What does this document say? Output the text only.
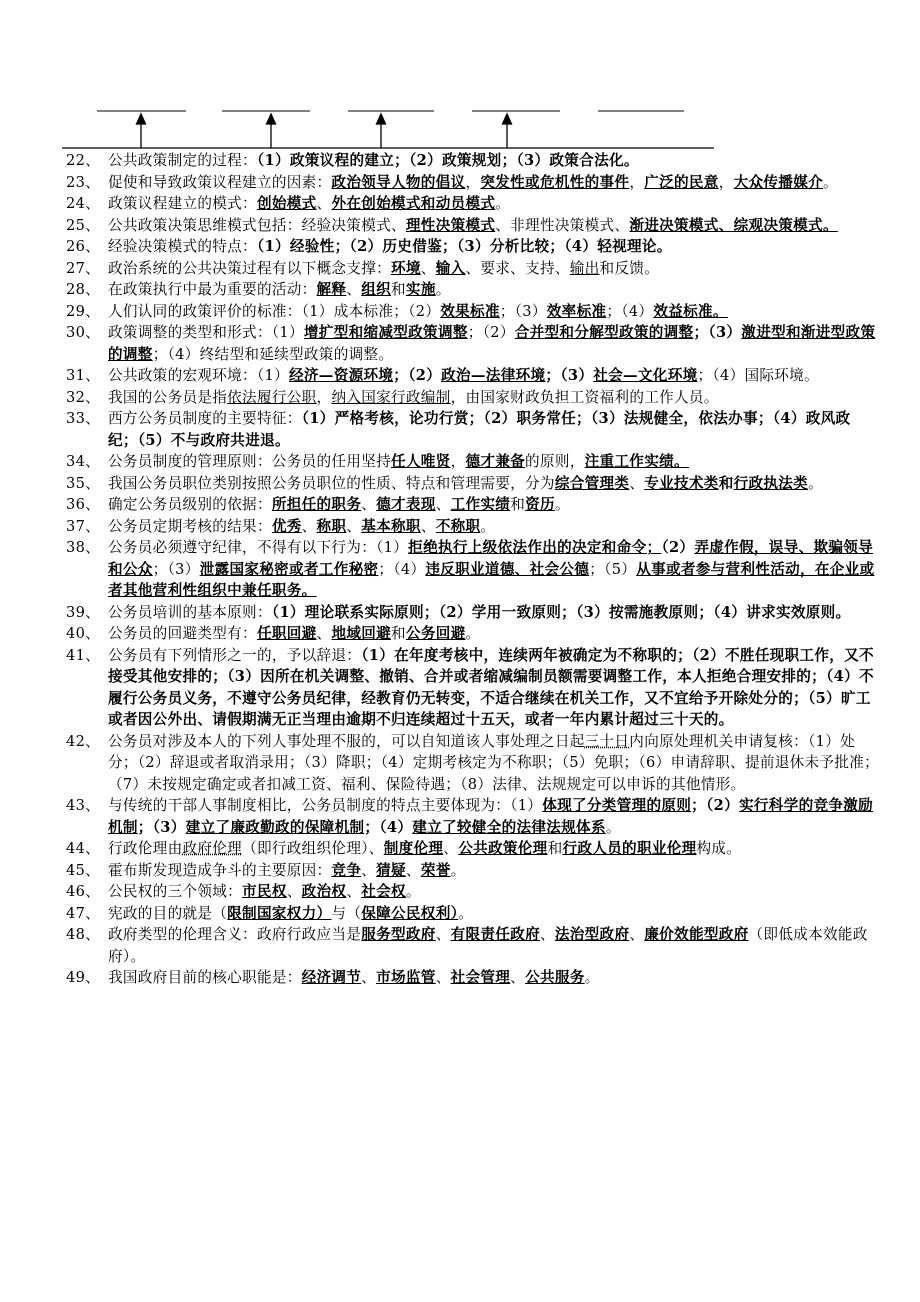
22、 公共政策制定的过程：（1）政策议程的建立；（2）政策规划；（3）政策合法化。
23、 促使和导致政策议程建立的因素：政治领导人物的倡议，突发性或危机性的事件，广泛的民意，大众传播媒介。
24、 政策议程建立的模式：创始模式、外在创始模式和动员模式。
25、 公共政策决策思维模式包括：经验决策模式、理性决策模式、非理性决策模式、渐进决策模式、综观决策模式。
26、 经验决策模式的特点：（1）经验性；（2）历史借鉴；（3）分析比较；（4）轻视理论。
27、 政治系统的公共决策过程有以下概念支撑：环境、输入、要求、支持、输出和反馈。
28、 在政策执行中最为重要的活动：解释、组织和实施。
29、 人们认同的政策评价的标准：（1）成本标准；（2）效果标准；（3）效率标准；（4）效益标准。
30、 政策调整的类型和形式：（1）增扩型和缩减型政策调整；（2）合并型和分解型政策的调整；（3）激进型和渐进型政策的调整；（4）终结型和延续型政策的调整。
31、 公共政策的宏观环境：（1）经济—资源环境；（2）政治—法律环境；（3）社会—文化环境；（4）国际环境。
32、 我国的公务员是指依法履行公职，纳入国家行政编制，由国家财政负担工资福利的工作人员。
33、 西方公务员制度的主要特征：（1）严格考核，论功行赏；（2）职务常任；（3）法规健全，依法办事；（4）政风政纪；（5）不与政府共进退。
34、 公务员制度的管理原则：公务员的任用坚持任人唯贤，德才兼备的原则，注重工作实绩。
35、 我国公务员职位类别按照公务员职位的性质、特点和管理需要，分为综合管理类、专业技术类和行政执法类。
36、 确定公务员级别的依据：所担任的职务、德才表现、工作实绩和资历。
37、 公务员定期考核的结果：优秀、称职、基本称职、不称职。
38、 公务员必须遵守纪律，不得有以下行为：（1）拒绝执行上级依法作出的决定和命令；（2）弄虚作假，误导、欺骗领导和公众；（3）泄露国家秘密或者工作秘密；（4）违反职业道德、社会公德；（5）从事或者参与营利性活动，在企业或者其他营利性组织中兼任职务。
39、 公务员培训的基本原则：（1）理论联系实际原则；（2）学用一致原则；（3）按需施教原则；（4）讲求实效原则。
40、 公务员的回避类型有：任职回避、地域回避和公务回避。
41、 公务员有下列情形之一的，予以辞退：（1）在年度考核中，连续两年被确定为不称职的；（2）不胜任现职工作，又不接受其他安排的；（3）因所在机关调整、撤销、合并或者缩减编制员额需要调整工作，本人拒绝合理安排的；（4）不履行公务员义务，不遵守公务员纪律，经教育仍无转变，不适合继续在机关工作，又不宜给予开除处分的；（5）旷工或者因公外出、请假期满无正当理由逾期不归连续超过十五天，或者一年内累计超过三十天的。
42、 公务员对涉及本人的下列人事处理不服的，可以自知道该人事处理之日起三十日内向原处理机关申请复核：（1）处分；（2）辞退或者取消录用；（3）降职；（4）定期考核定为不称职；（5）免职；（6）申请辞职、提前退休未予批准；（7）未按规定确定或者扣减工资、福利、保险待遇；（8）法律、法规规定可以申诉的其他情形。
43、 与传统的干部人事制度相比，公务员制度的特点主要体现为：（1）体现了分类管理的原则；（2）实行科学的竞争激励机制；（3）建立了廉政勤政的保障机制；（4）建立了较健全的法律法规体系。
44、 行政伦理由政府伦理（即行政组织伦理）、制度伦理、公共政策伦理和行政人员的职业伦理构成。
45、 霍布斯发现造成争斗的主要原因：竞争、猜疑、荣誉。
46、 公民权的三个领域：市民权、政治权、社会权。
47、 宪政的目的就是（限制国家权力）与（保障公民权利）。
48、 政府类型的伦理含义：政府行政应当是服务型政府、有限责任政府、法治型政府、廉价效能型政府（即低成本效能政府）。
49、 我国政府目前的核心职能是：经济调节、市场监管、社会管理、公共服务。
